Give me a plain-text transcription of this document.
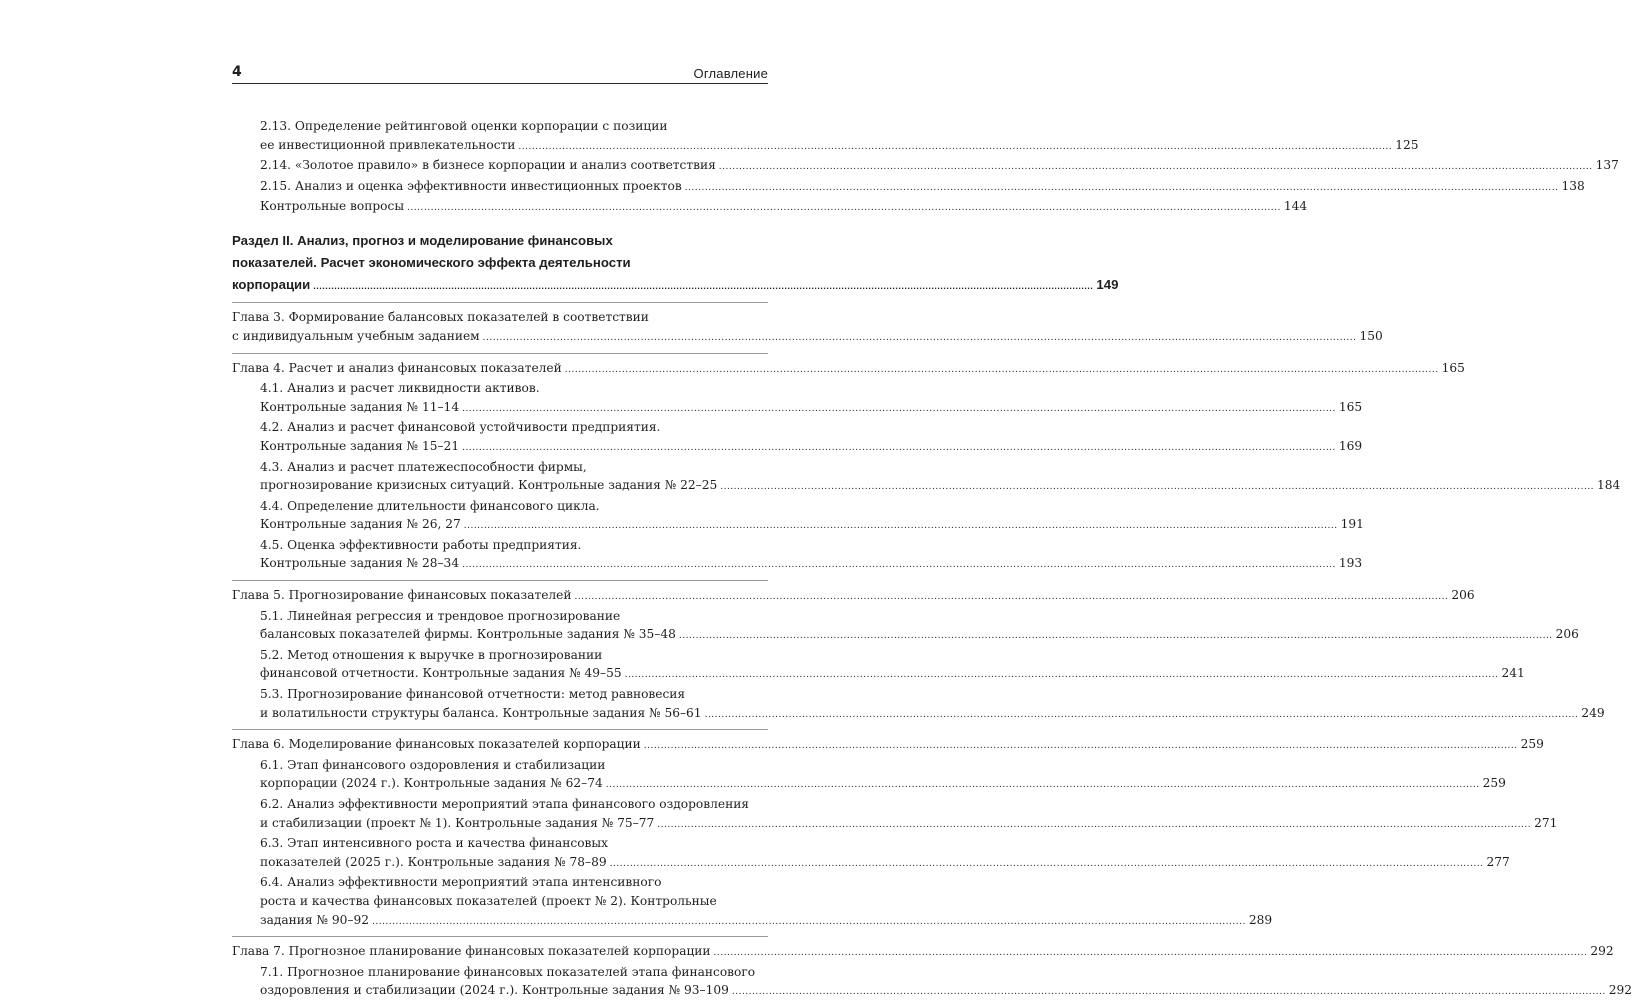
4	Оглавление
2.13. Определение рейтинговой оценки корпорации с позиции
ее инвестиционной привлекательности .................................................................................................................................................................................................................................................................... 125
2.14. «Золотое правило» в бизнесе корпорации и анализ соответствия .................................................................................................................................................................................................................................................................... 137
2.15. Анализ и оценка эффективности инвестиционных проектов .................................................................................................................................................................................................................................................................... 138
Контрольные вопросы .................................................................................................................................................................................................................................................................... 144
Раздел II. Анализ, прогноз и моделирование финансовых
показателей. Расчет экономического эффекта деятельности
корпорации .................................................................................................................................................................................................................................................................... 149
Глава 3. Формирование балансовых показателей в соответствии
с индивидуальным учебным заданием .................................................................................................................................................................................................................................................................... 150
Глава 4. Расчет и анализ финансовых показателей .................................................................................................................................................................................................................................................................... 165
4.1. Анализ и расчет ликвидности активов.
Контрольные задания № 11–14 .................................................................................................................................................................................................................................................................... 165
4.2. Анализ и расчет финансовой устойчивости предприятия.
Контрольные задания № 15–21 .................................................................................................................................................................................................................................................................... 169
4.3. Анализ и расчет платежеспособности фирмы,
прогнозирование кризисных ситуаций. Контрольные задания № 22–25 .................................................................................................................................................................................................................................................................... 184
4.4. Определение длительности финансового цикла.
Контрольные задания № 26, 27 .................................................................................................................................................................................................................................................................... 191
4.5. Оценка эффективности работы предприятия.
Контрольные задания № 28–34 .................................................................................................................................................................................................................................................................... 193
Глава 5. Прогнозирование финансовых показателей .................................................................................................................................................................................................................................................................... 206
5.1. Линейная регрессия и трендовое прогнозирование
балансовых показателей фирмы. Контрольные задания № 35–48 .................................................................................................................................................................................................................................................................... 206
5.2. Метод отношения к выручке в прогнозировании
финансовой отчетности. Контрольные задания № 49–55 .................................................................................................................................................................................................................................................................... 241
5.3. Прогнозирование финансовой отчетности: метод равновесия
и волатильности структуры баланса. Контрольные задания № 56–61 .................................................................................................................................................................................................................................................................... 249
Глава 6. Моделирование финансовых показателей корпорации .................................................................................................................................................................................................................................................................... 259
6.1. Этап финансового оздоровления и стабилизации
корпорации (2024 г.). Контрольные задания № 62–74 .................................................................................................................................................................................................................................................................... 259
6.2. Анализ эффективности мероприятий этапа финансового оздоровления
и стабилизации (проект № 1). Контрольные задания № 75–77 .................................................................................................................................................................................................................................................................... 271
6.3. Этап интенсивного роста и качества финансовых
показателей (2025 г.). Контрольные задания № 78–89 .................................................................................................................................................................................................................................................................... 277
6.4. Анализ эффективности мероприятий этапа интенсивного
роста и качества финансовых показателей (проект № 2). Контрольные
задания № 90–92 .................................................................................................................................................................................................................................................................... 289
Глава 7. Прогнозное планирование финансовых показателей корпорации .................................................................................................................................................................................................................................................................... 292
7.1. Прогнозное планирование финансовых показателей этапа финансового
оздоровления и стабилизации (2024 г.). Контрольные задания № 93–109 .................................................................................................................................................................................................................................................................... 292
